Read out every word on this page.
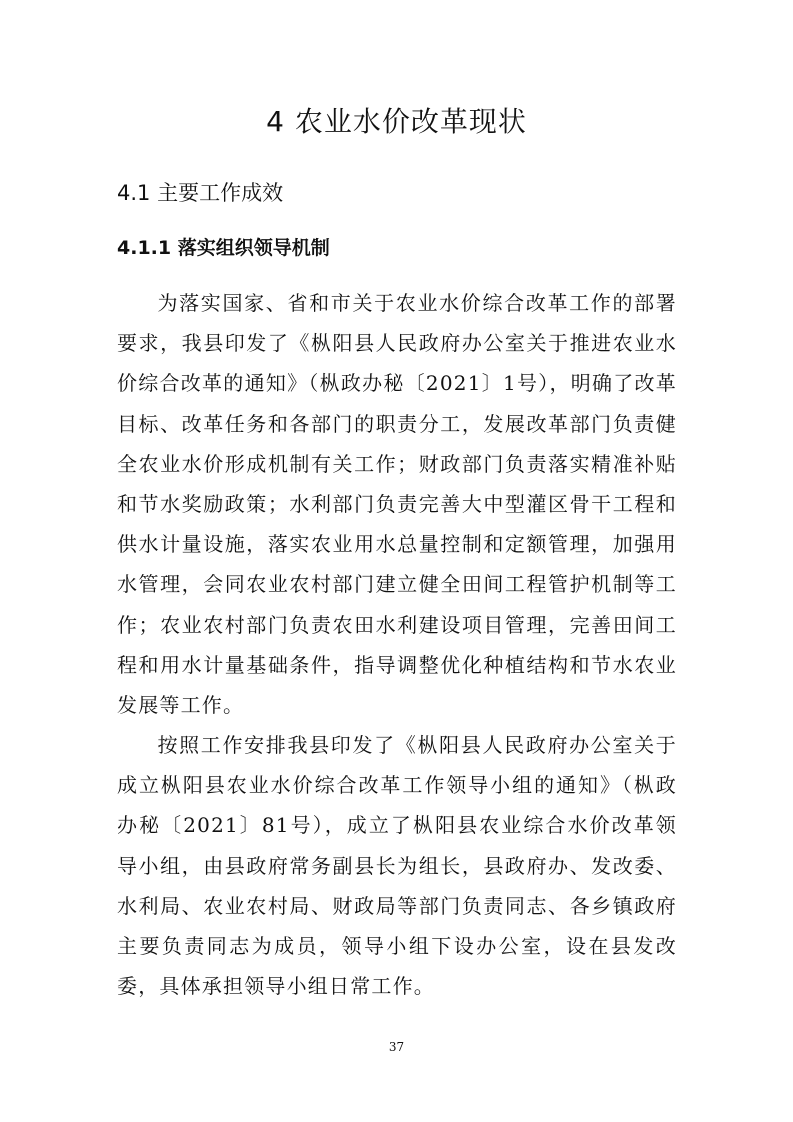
4 农业水价改革现状
4.1 主要工作成效
4.1.1 落实组织领导机制

为落实国家、省和市关于农业水价综合改革工作的部署要求，我县印发了《枞阳县人民政府办公室关于推进农业水价综合改革的通知》（枞政办秘〔2021〕1号），明确了改革目标、改革任务和各部门的职责分工，发展改革部门负责健全农业水价形成机制有关工作；财政部门负责落实精准补贴和节水奖励政策；水利部门负责完善大中型灌区骨干工程和供水计量设施，落实农业用水总量控制和定额管理，加强用水管理，会同农业农村部门建立健全田间工程管护机制等工作；农业农村部门负责农田水利建设项目管理，完善田间工程和用水计量基础条件，指导调整优化种植结构和节水农业发展等工作。

按照工作安排我县印发了《枞阳县人民政府办公室关于成立枞阳县农业水价综合改革工作领导小组的通知》（枞政办秘〔2021〕81号），成立了枞阳县农业综合水价改革领导小组，由县政府常务副县长为组长，县政府办、发改委、水利局、农业农村局、财政局等部门负责同志、各乡镇政府主要负责同志为成员，领导小组下设办公室，设在县发改委，具体承担领导小组日常工作。

37
